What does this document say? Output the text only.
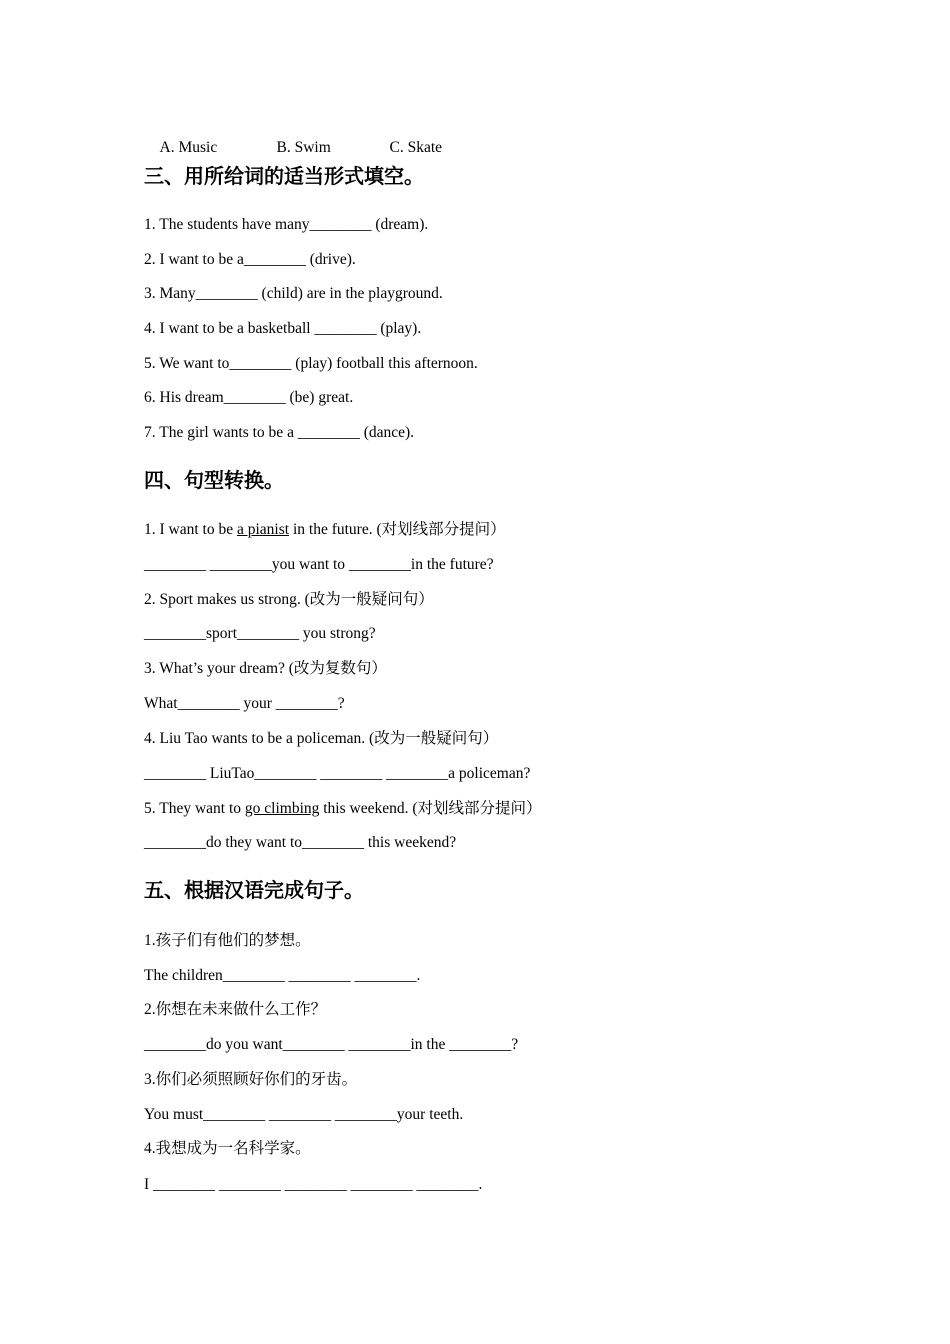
A. Music	B. Swim	C. Skate

三、用所给词的适当形式填空。
1. The students have many________ (dream).
2. I want to be a________ (drive).
3. Many________ (child) are in the playground.
4. I want to be a basketball ________ (play).
5. We want to________ (play) football this afternoon.
6. His dream________ (be) great.
7. The girl wants to be a ________ (dance).
四、句型转换。
1. I want to be a pianist in the future. (对划线部分提问）
________ ________you want to ________in the future?
2. Sport makes us strong. (改为一般疑问句）
________sport________ you strong?
3. What’s your dream? (改为复数句）
What________ your ________?
4. Liu Tao wants to be a policeman. (改为一般疑问句）
________ LiuTao________ ________ ________a policeman?
5. They want to go climbing this weekend. (对划线部分提问）
________do they want to________ this weekend?
五、根据汉语完成句子。
1.孩子们有他们的梦想。
The children________ ________ ________.
2.你想在未来做什么工作？
________do you want________ ________in the ________?
3.你们必须照顾好你们的牙齿。
You must________ ________ ________your teeth.
4.我想成为一名科学家。
I ________ ________ ________ ________ ________.
